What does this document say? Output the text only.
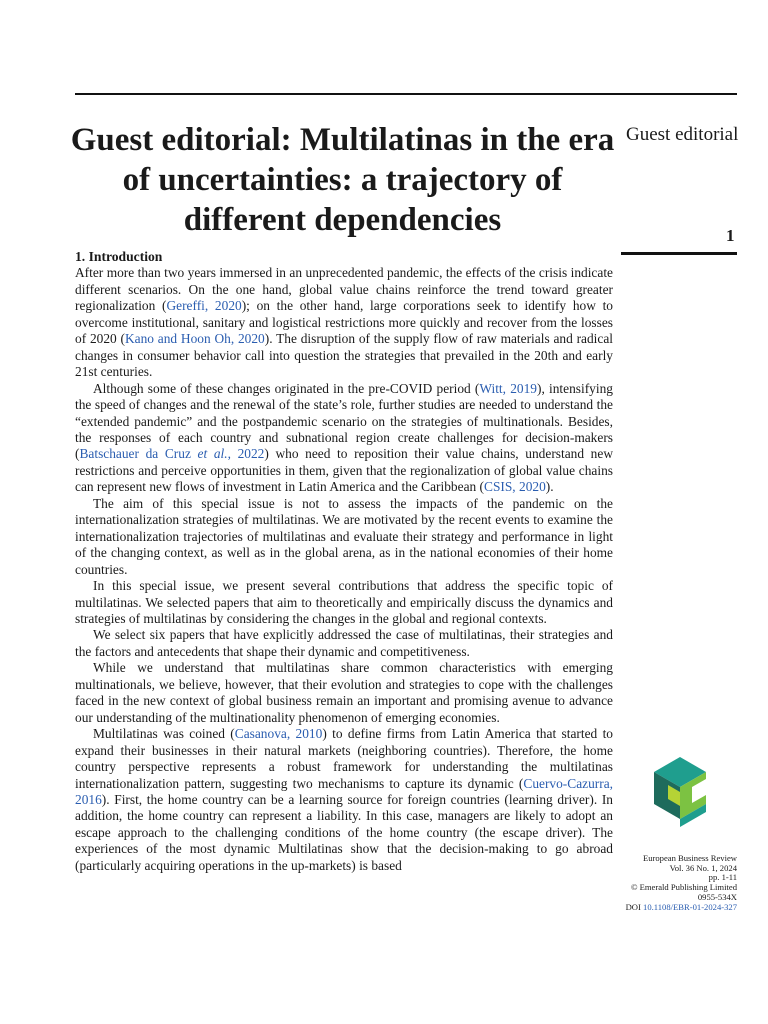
Guest editorial: Multilatinas in the era of uncertainties: a trajectory of different dependencies
Guest editorial
1
1. Introduction

After more than two years immersed in an unprecedented pandemic, the effects of the crisis indicate different scenarios. On the one hand, global value chains reinforce the trend toward greater regionalization (Gereffi, 2020); on the other hand, large corporations seek to identify how to overcome institutional, sanitary and logistical restrictions more quickly and recover from the losses of 2020 (Kano and Hoon Oh, 2020). The disruption of the supply flow of raw materials and radical changes in consumer behavior call into question the strategies that prevailed in the 20th and early 21st centuries.

Although some of these changes originated in the pre-COVID period (Witt, 2019), intensifying the speed of changes and the renewal of the state’s role, further studies are needed to understand the “extended pandemic” and the postpandemic scenario on the strategies of multinationals. Besides, the responses of each country and subnational region create challenges for decision-makers (Batschauer da Cruz et al., 2022) who need to reposition their value chains, understand new restrictions and perceive opportunities in them, given that the regionalization of global value chains can represent new flows of investment in Latin America and the Caribbean (CSIS, 2020).

The aim of this special issue is not to assess the impacts of the pandemic on the internationalization strategies of multilatinas. We are motivated by the recent events to examine the internationalization trajectories of multilatinas and evaluate their strategy and performance in light of the changing context, as well as in the global arena, as in the national economies of their home countries.

In this special issue, we present several contributions that address the specific topic of multilatinas. We selected papers that aim to theoretically and empirically discuss the dynamics and strategies of multilatinas by considering the changes in the global and regional contexts.

We select six papers that have explicitly addressed the case of multilatinas, their strategies and the factors and antecedents that shape their dynamic and competitiveness.

While we understand that multilatinas share common characteristics with emerging multinationals, we believe, however, that their evolution and strategies to cope with the challenges faced in the new context of global business remain an important and promising avenue to advance our understanding of the multinationality phenomenon of emerging economies.

Multilatinas was coined (Casanova, 2010) to define firms from Latin America that started to expand their businesses in their natural markets (neighboring countries). Therefore, the home country perspective represents a robust framework for understanding the multilatinas internationalization pattern, suggesting two mechanisms to capture its dynamic (Cuervo-Cazurra, 2016). First, the home country can be a learning source for foreign countries (learning driver). In addition, the home country can represent a liability. In this case, managers are likely to adopt an escape approach to the challenging conditions of the home country (the escape driver). The experiences of the most dynamic Multilatinas show that the decision-making to go abroad (particularly acquiring operations in the up-markets) is based	European Business Review
Vol. 36 No. 1, 2024
pp. 1-11
© Emerald Publishing Limited
0955-534X
DOI 10.1108/EBR-01-2024-327
